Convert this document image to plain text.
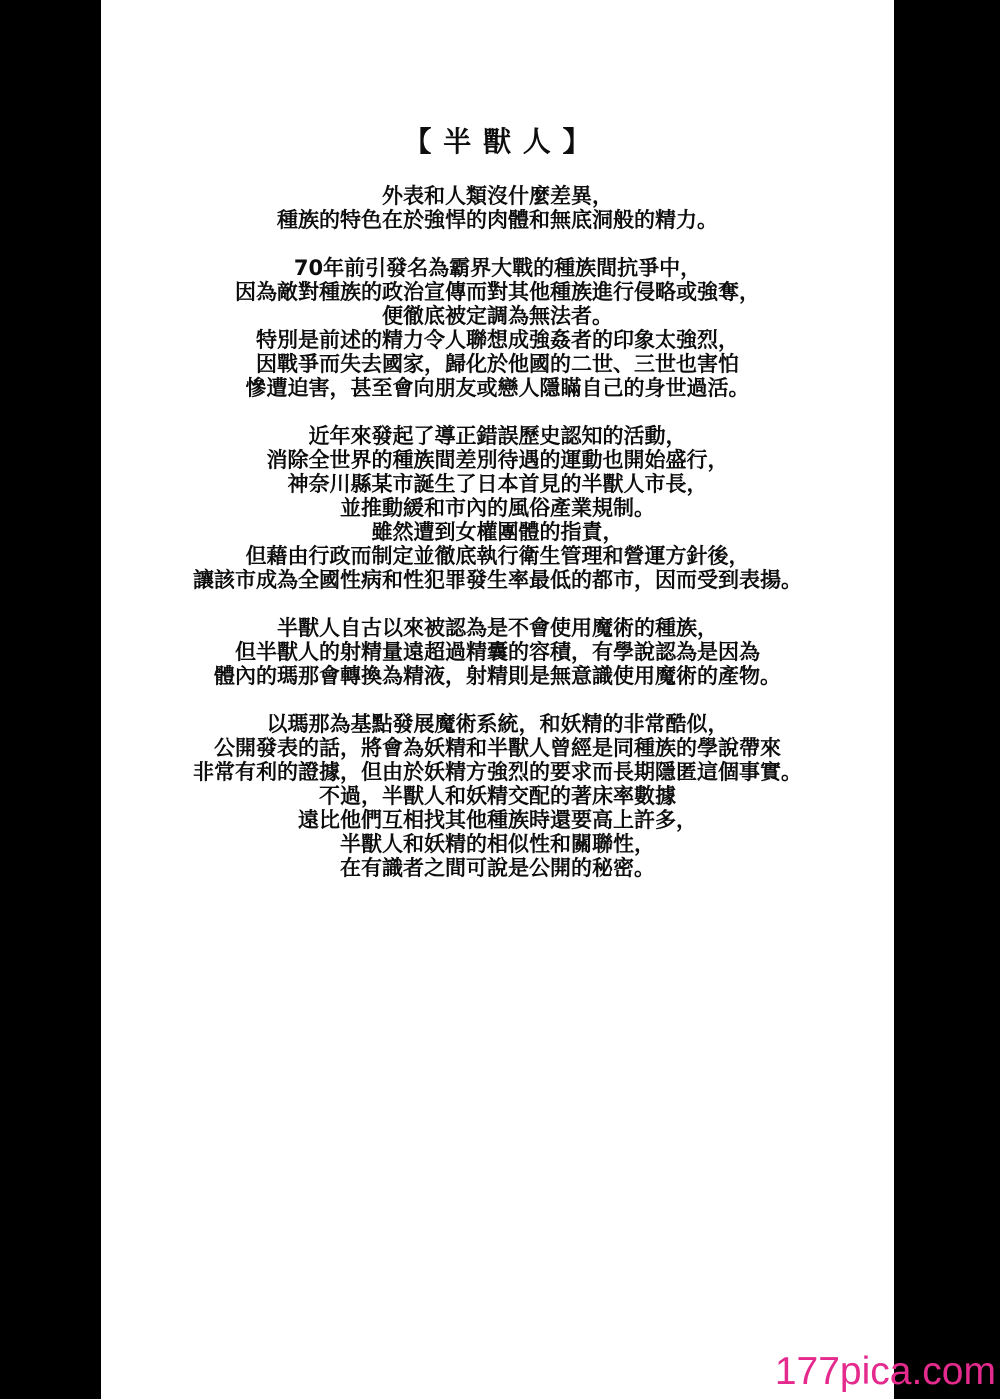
【 半 獸 人 】
外表和人類沒什麼差異，
種族的特色在於強悍的肉體和無底洞般的精力。
70年前引發名為霸界大戰的種族間抗爭中，
因為敵對種族的政治宣傳而對其他種族進行侵略或強奪，
便徹底被定調為無法者。
特別是前述的精力令人聯想成強姦者的印象太強烈，
因戰爭而失去國家，歸化於他國的二世、三世也害怕
慘遭迫害，甚至會向朋友或戀人隱瞞自己的身世過活。
近年來發起了導正錯誤歷史認知的活動，
消除全世界的種族間差別待遇的運動也開始盛行，
神奈川縣某市誕生了日本首見的半獸人市長，
並推動緩和市內的風俗產業規制。
雖然遭到女權團體的指責，
但藉由行政而制定並徹底執行衛生管理和營運方針後，
讓該市成為全國性病和性犯罪發生率最低的都市，因而受到表揚。
半獸人自古以來被認為是不會使用魔術的種族，
但半獸人的射精量遠超過精囊的容積，有學說認為是因為
體內的瑪那會轉換為精液，射精則是無意識使用魔術的產物。
以瑪那為基點發展魔術系統，和妖精的非常酷似，
公開發表的話，將會為妖精和半獸人曾經是同種族的學說帶來
非常有利的證據，但由於妖精方強烈的要求而長期隱匿這個事實。
不過，半獸人和妖精交配的著床率數據
遠比他們互相找其他種族時還要高上許多，
半獸人和妖精的相似性和關聯性，
在有識者之間可說是公開的秘密。
177pica.com
